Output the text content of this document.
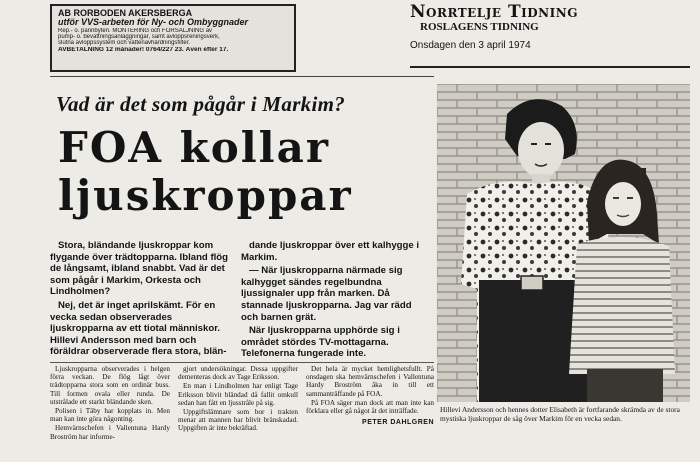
AB RÖRBODEN AKERSBERGA
utför VVS-arbeten för Ny- och Ombyggnader
Rep.- o. pannbyten. MONTERING och FÖRSÄLJNING av
pump- o. bevattningsanläggningar, samt avloppsreningsverk,
slutna avloppssystem och vattenavhärdningsfilter.
AVBETALNING 12 månader! 0764/227 23. Även efter 17.
Norrtelje Tidning
ROSLAGENS TIDNING
Onsdagen den 3 april 1974
Vad är det som pågår i Markim?
FOA kollar
ljuskroppar

Stora, bländande ljuskroppar kom flygande över trädtopparna. Ibland flög de långsamt, ibland snabbt. Vad är det som pågår i Markim, Orkesta och Lindholmen?

Nej, det är inget aprilskämt. För en vecka sedan observerades ljuskropparna av ett tiotal människor. Hillevi Andersson med barn och föräldrar observerade flera stora, blän-

dande ljuskroppar över ett kalhygge i Markim.

— När ljuskropparna närmade sig kalhygget sändes regelbundna ljussignaler upp från marken. Då stannade ljuskropparna. Jag var rädd och barnen grät.

När ljuskropparna upphörde sig i området stördes TV-mottagarna. Telefonerna fungerade inte.

Ljuskropparna observerades i helgen förra veckan. De flög lågt över trädtopparna stora som en ordinär buss. Till formen ovala eller runda. De utstrålade ett starkt bländande sken.

Polisen i Täby har kopplats in. Men man kan inte göra någonting.

Hemvärnschefen i Vallentuna Hardy Broström har informe-

gjort undersökningar. Dessa uppgifter dementeras dock av Tage Eriksson.

En man i Lindholmen har enligt Tage Eriksson blivit bländad då fallit omkull sedan han fått en ljusstråle på sig.

Uppgiftslämnare som bor i trakten menar att mannen har blivit bränskadad. Uppgiften är inte bekräftad.

Det hela är mycket hemlighetsfullt. På onsdagen ska hemvärnschefen i Vallentuna Hardy Broström åka in till ett sammanträffande på FOA.

På FOA säger man dock att man inte kan förklara eller gå något åt det inträffade.

PETER DAHLGREN
Hillevi Andersson och hennes dotter Elisabeth är fortfarande skrämda av de stora mystiska ljuskroppar de såg över Markim för en vecka sedan.
